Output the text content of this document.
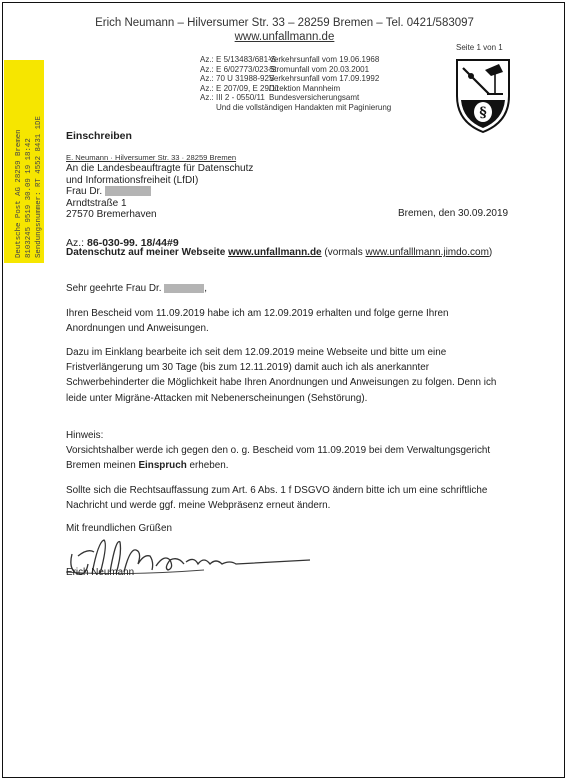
Erich Neumann – Hilversumer Str. 33 – 28259 Bremen – Tel. 0421/583097
www.unfallmann.de
Az.: E 5/13483/681-SVerkehrsunfall vom 19.06.1968
Az.: E 6/02773/023-SStromunfall vom 20.03.2001
Az.: 70 U 31988-92SVerkehrsunfall vom 17.09.1992
Az.: E 207/09, E 29/11Direktion Mannheim
Az.: III 2 - 0550/11 Bundesversicherungsamt
Und die vollständigen Handakten mit Paginierung
Seite 1 von 1
§
Deutsche Post AG 28259 Bremen 8103245 9519 30.09 19 18:42 Sendungsnummer: RT 4552 8431 1DE Einschreiben
E. Neumann · Hilversumer Str. 33 · 28259 Bremen
An die Landesbeauftragte für Datenschutz
und Informationsfreiheit (LfDI)
Frau Dr.
Arndtstraße 1
27570 Bremerhaven	Bremen, den 30.09.2019
Az.: 86-030-99. 18/44#9
Datenschutz auf meiner Webseite www.unfallmann.de (vormals www.unfalllmann.jimdo.com)
Sehr geehrte Frau Dr.	,
Ihren Bescheid vom 11.09.2019 habe ich am 12.09.2019 erhalten und folge gerne Ihren
Anordnungen und Anweisungen.
Dazu im Einklang bearbeite ich seit dem 12.09.2019 meine Webseite und bitte um eine
Fristverlängerung um 30 Tage (bis zum 12.11.2019) damit auch ich als anerkannter
Schwerbehinderter die Möglichkeit habe Ihren Anordnungen und Anweisungen zu folgen. Denn ich
leide unter Migräne-Attacken mit Nebenerscheinungen (Sehstörung).
Hinweis:
Vorsichtshalber werde ich gegen den o. g. Bescheid vom 11.09.2019 bei dem Verwaltungsgericht
Bremen meinen Einspruch erheben.
Sollte sich die Rechtsauffassung zum Art. 6 Abs. 1 f DSGVO ändern bitte ich um eine schriftliche
Nachricht und werde ggf. meine Webpräsenz erneut ändern.
Mit freundlichen Grüßen
Erich Neumann
